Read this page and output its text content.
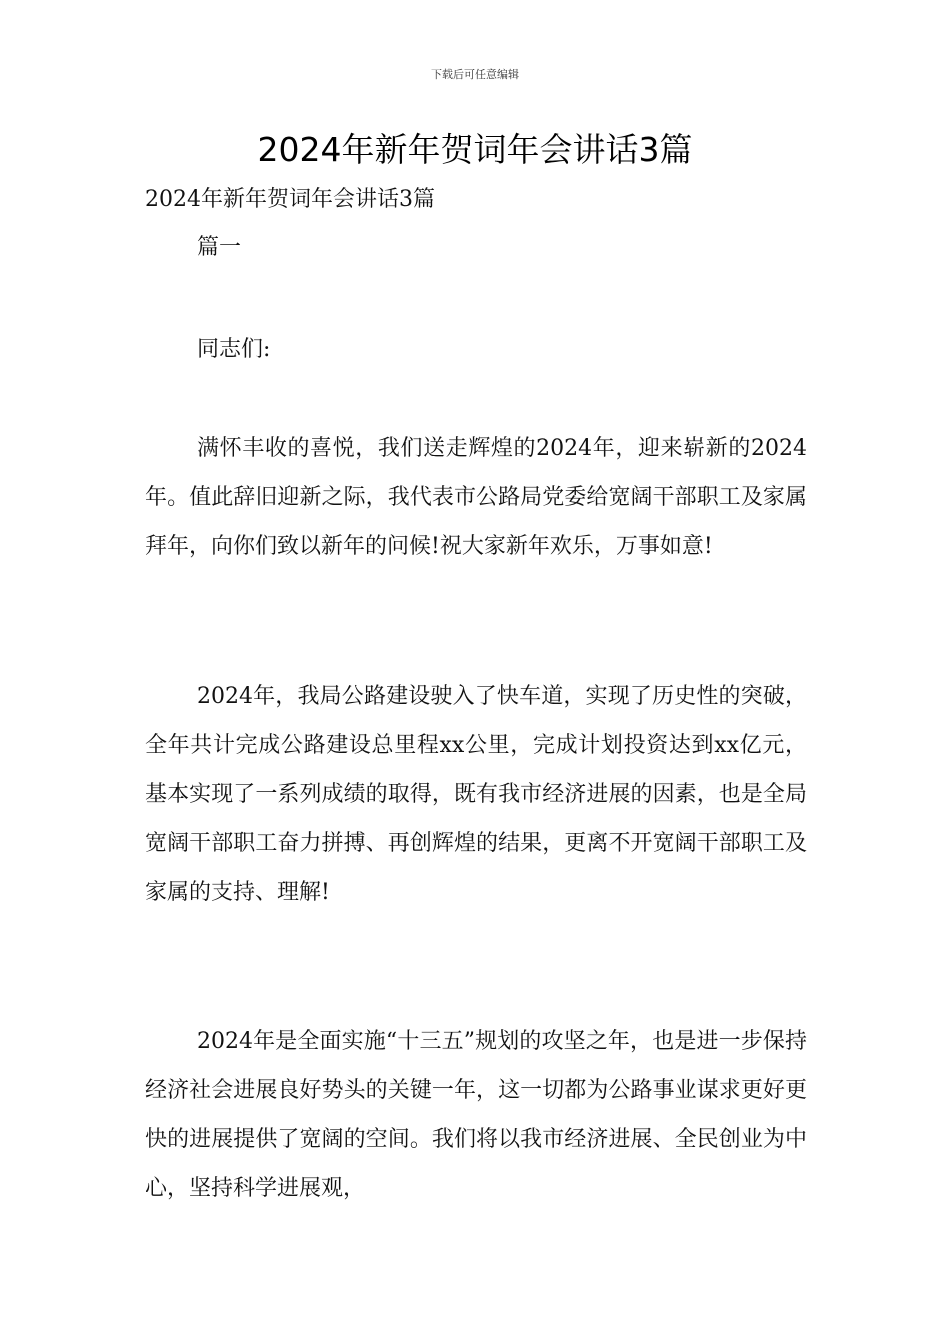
下载后可任意编辑
2024年新年贺词年会讲话3篇
2024年新年贺词年会讲话3篇
篇一
同志们:

满怀丰收的喜悦，我们送走辉煌的2024年，迎来崭新的2024年。值此辞旧迎新之际，我代表市公路局党委给宽阔干部职工及家属拜年，向你们致以新年的问候!祝大家新年欢乐，万事如意!

2024年，我局公路建设驶入了快车道，实现了历史性的突破，全年共计完成公路建设总里程xx公里，完成计划投资达到xx亿元，基本实现了一系列成绩的取得，既有我市经济进展的因素，也是全局宽阔干部职工奋力拼搏、再创辉煌的结果，更离不开宽阔干部职工及家属的支持、理解!

2024年是全面实施“十三五”规划的攻坚之年，也是进一步保持经济社会进展良好势头的关键一年，这一切都为公路事业谋求更好更快的进展提供了宽阔的空间。我们将以我市经济进展、全民创业为中心，坚持科学进展观，
